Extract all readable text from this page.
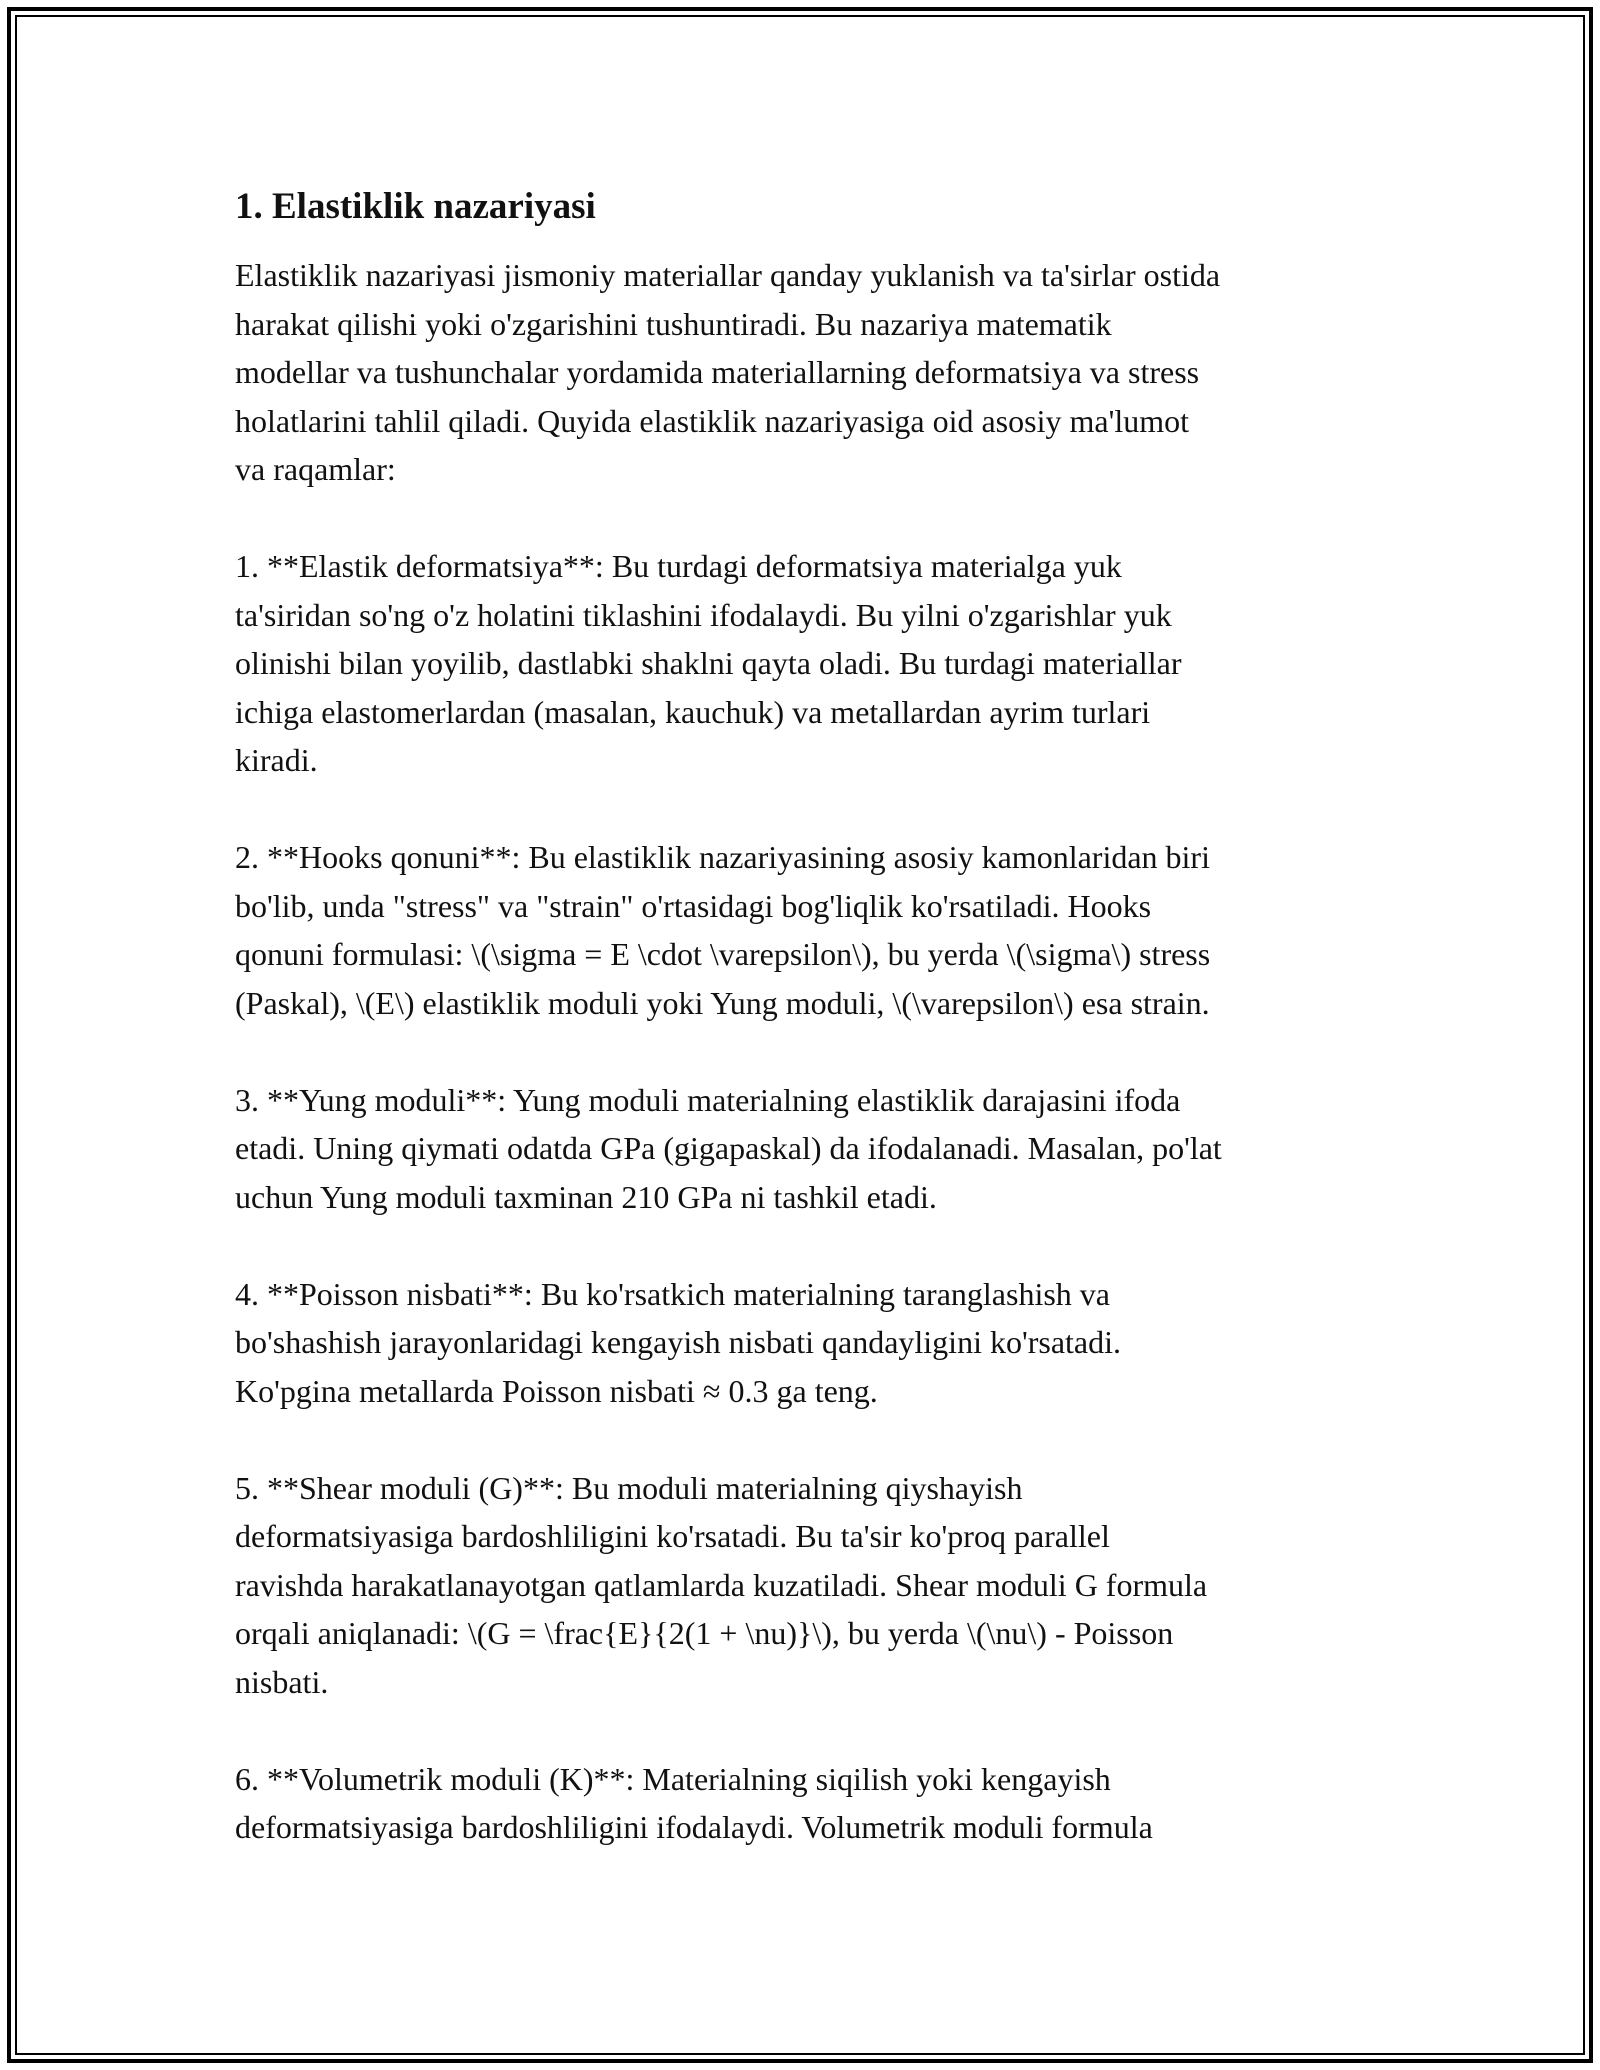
1. Elastiklik nazariyasi

Elastiklik nazariyasi jismoniy materiallar qanday yuklanish va ta'sirlar ostida
harakat qilishi yoki o'zgarishini tushuntiradi. Bu nazariya matematik
modellar va tushunchalar yordamida materiallarning deformatsiya va stress
holatlarini tahlil qiladi. Quyida elastiklik nazariyasiga oid asosiy ma'lumot
va raqamlar:

1. **Elastik deformatsiya**: Bu turdagi deformatsiya materialga yuk
ta'siridan so'ng o'z holatini tiklashini ifodalaydi. Bu yilni o'zgarishlar yuk
olinishi bilan yoyilib, dastlabki shaklni qayta oladi. Bu turdagi materiallar
ichiga elastomerlardan (masalan, kauchuk) va metallardan ayrim turlari
kiradi.

2. **Hooks qonuni**: Bu elastiklik nazariyasining asosiy kamonlaridan biri
bo'lib, unda "stress" va "strain" o'rtasidagi bog'liqlik ko'rsatiladi. Hooks
qonuni formulasi: \(\sigma = E \cdot \varepsilon\), bu yerda \(\sigma\) stress
(Paskal), \(E\) elastiklik moduli yoki Yung moduli, \(\varepsilon\) esa strain.

3. **Yung moduli**: Yung moduli materialning elastiklik darajasini ifoda
etadi. Uning qiymati odatda GPa (gigapaskal) da ifodalanadi. Masalan, po'lat
uchun Yung moduli taxminan 210 GPa ni tashkil etadi.

4. **Poisson nisbati**: Bu ko'rsatkich materialning taranglashish va
bo'shashish jarayonlaridagi kengayish nisbati qandayligini ko'rsatadi.
Ko'pgina metallarda Poisson nisbati ≈ 0.3 ga teng.

5. **Shear moduli (G)**: Bu moduli materialning qiyshayish
deformatsiyasiga bardoshliligini ko'rsatadi. Bu ta'sir ko'proq parallel
ravishda harakatlanayotgan qatlamlarda kuzatiladi. Shear moduli G formula
orqali aniqlanadi: \(G = \frac{E}{2(1 + \nu)}\), bu yerda \(\nu\) - Poisson
nisbati.

6. **Volumetrik moduli (K)**: Materialning siqilish yoki kengayish
deformatsiyasiga bardoshliligini ifodalaydi. Volumetrik moduli formula
